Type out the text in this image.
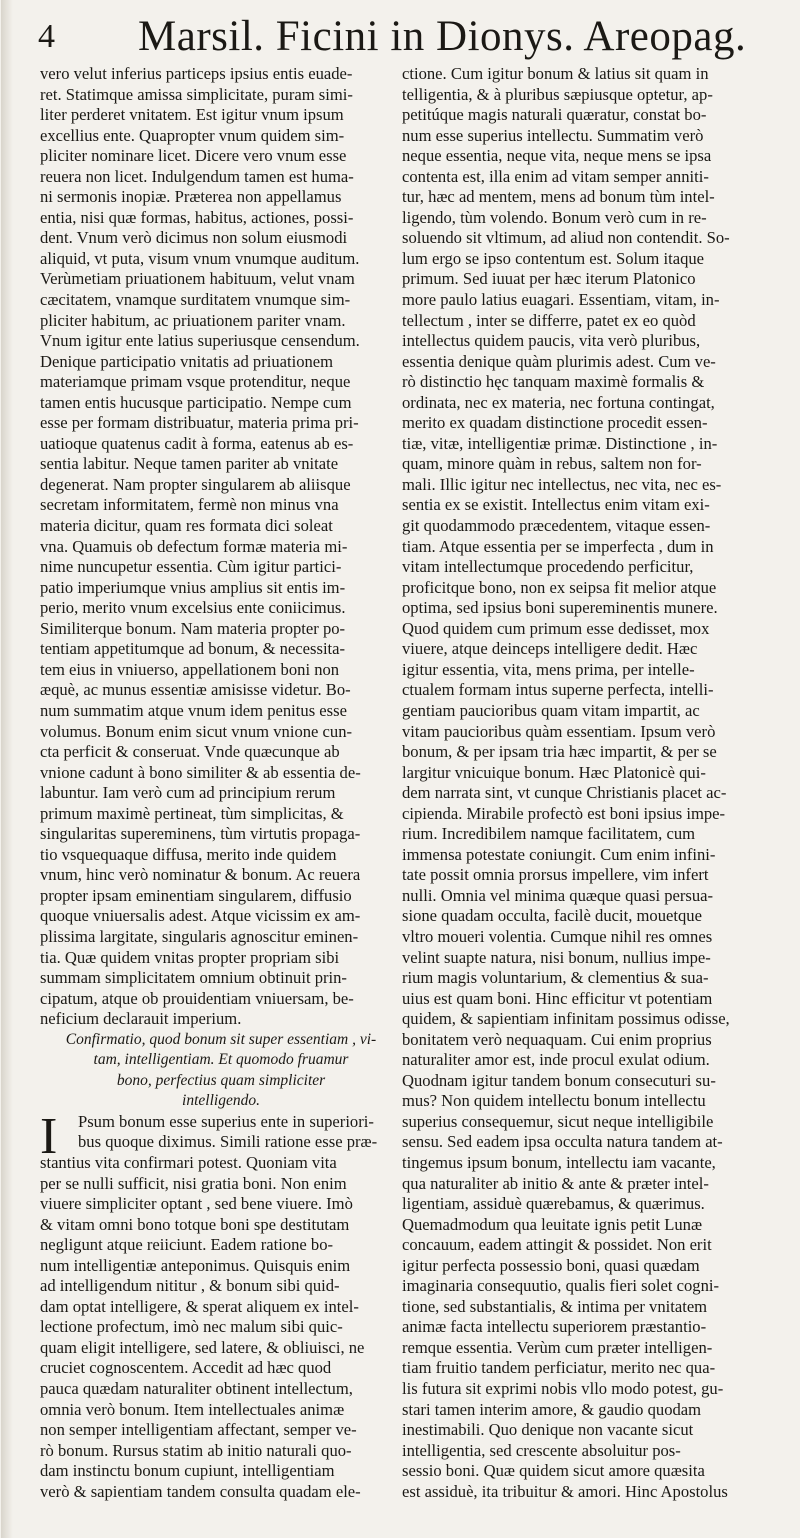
4 Marsil. Ficini in Dionys. Areopag.
vero velut inferius particeps ipsius entis euade-
ret. Statimque amissa simplicitate, puram simi-
liter perderet vnitatem. Est igitur vnum ipsum
excellius ente. Quapropter vnum quidem sim-
pliciter nominare licet. Dicere vero vnum esse
reuera non licet. Indulgendum tamen est huma-
ni sermonis inopiæ. Præterea non appellamus
entia, nisi quæ formas, habitus, actiones, possi-
dent. Vnum verò dicimus non solum eiusmodi
aliquid, vt puta, visum vnum vnumque auditum.
Verùmetiam priuationem habituum, velut vnam
cæcitatem, vnamque surditatem vnumque sim-
pliciter habitum, ac priuationem pariter vnam.
Vnum igitur ente latius superiusque censendum.
Denique participatio vnitatis ad priuationem
materiamque primam vsque protenditur, neque
tamen entis hucusque participatio. Nempe cum
esse per formam distribuatur, materia prima pri-
uatioque quatenus cadit à forma, eatenus ab es-
sentia labitur. Neque tamen pariter ab vnitate
degenerat. Nam propter singularem ab aliisque
secretam informitatem, fermè non minus vna
materia dicitur, quam res formata dici soleat
vna. Quamuis ob defectum formæ materia mi-
nime nuncupetur essentia. Cùm igitur partici-
patio imperiumque vnius amplius sit entis im-
perio, merito vnum excelsius ente coniicimus.
Similiterque bonum. Nam materia propter po-
tentiam appetitumque ad bonum, & necessita-
tem eius in vniuerso, appellationem boni non
æquè, ac munus essentiæ amisisse videtur. Bo-
num summatim atque vnum idem penitus esse
volumus. Bonum enim sicut vnum vnione cun-
cta perficit & conseruat. Vnde quæcunque ab
vnione cadunt à bono similiter & ab essentia de-
labuntur. Iam verò cum ad principium rerum
primum maximè pertineat, tùm simplicitas, &
singularitas supereminens, tùm virtutis propaga-
tio vsquequaque diffusa, merito inde quidem
vnum, hinc verò nominatur & bonum. Ac reuera
propter ipsam eminentiam singularem, diffusio
quoque vniuersalis adest. Atque vicissim ex am-
plissima largitate, singularis agnoscitur eminen-
tia. Quæ quidem vnitas propter propriam sibi
summam simplicitatem omnium obtinuit prin-
cipatum, atque ob prouidentiam vniuersam, be-
neficium declarauit imperium.
Confirmatio, quod bonum sit super essentiam , vi-
tam, intelligentiam. Et quomodo fruamur
bono, perfectius quam simpliciter
intelligendo.
I	Psum bonum esse superius ente in superiori-
bus quoque diximus. Simili ratione esse præ-
stantius vita confirmari potest. Quoniam vita
per se nulli sufficit, nisi gratia boni. Non enim
viuere simpliciter optant , sed bene viuere. Imò
& vitam omni bono totque boni spe destitutam
negligunt atque reiiciunt. Eadem ratione bo-
num intelligentiæ anteponimus. Quisquis enim
ad intelligendum nititur , & bonum sibi quid-
dam optat intelligere, & sperat aliquem ex intel-
lectione profectum, imò nec malum sibi quic-
quam eligit intelligere, sed latere, & obliuisci, ne
cruciet cognoscentem. Accedit ad hæc quod
pauca quædam naturaliter obtinent intellectum,
omnia verò bonum. Item intellectuales animæ
non semper intelligentiam affectant, semper ve-
rò bonum. Rursus statim ab initio naturali quo-
dam instinctu bonum cupiunt, intelligentiam
verò & sapientiam tandem consulta quadam ele-
ctione. Cum igitur bonum & latius sit quam in
telligentia, & à pluribus sæpiusque optetur, ap-
petitúque magis naturali quæratur, constat bo-
num esse superius intellectu. Summatim verò
neque essentia, neque vita, neque mens se ipsa
contenta est, illa enim ad vitam semper anniti-
tur, hæc ad mentem, mens ad bonum tùm intel-
ligendo, tùm volendo. Bonum verò cum in re-
soluendo sit vltimum, ad aliud non contendit. So-
lum ergo se ipso contentum est. Solum itaque
primum. Sed iuuat per hæc iterum Platonico
more paulo latius euagari. Essentiam, vitam, in-
tellectum , inter se differre, patet ex eo quòd
intellectus quidem paucis, vita verò pluribus,
essentia denique quàm plurimis adest. Cum ve-
rò distinctio hęc tanquam maximè formalis &
ordinata, nec ex materia, nec fortuna contingat,
merito ex quadam distinctione procedit essen-
tiæ, vitæ, intelligentiæ primæ. Distinctione , in-
quam, minore quàm in rebus, saltem non for-
mali. Illic igitur nec intellectus, nec vita, nec es-
sentia ex se existit. Intellectus enim vitam exi-
git quodammodo præcedentem, vitaque essen-
tiam. Atque essentia per se imperfecta , dum in
vitam intellectumque procedendo perficitur,
proficitque bono, non ex seipsa fit melior atque
optima, sed ipsius boni supereminentis munere.
Quod quidem cum primum esse dedisset, mox
viuere, atque deinceps intelligere dedit. Hæc
igitur essentia, vita, mens prima, per intelle-
ctualem formam intus superne perfecta, intelli-
gentiam paucioribus quam vitam impartit, ac
vitam paucioribus quàm essentiam. Ipsum verò
bonum, & per ipsam tria hæc impartit, & per se
largitur vnicuique bonum. Hæc Platonicè qui-
dem narrata sint, vt cunque Christianis placet ac-
cipienda. Mirabile profectò est boni ipsius impe-
rium. Incredibilem namque facilitatem, cum
immensa potestate coniungit. Cum enim infini-
tate possit omnia prorsus impellere, vim infert
nulli. Omnia vel minima quæque quasi persua-
sione quadam occulta, facilè ducit, mouetque
vltro moueri volentia. Cumque nihil res omnes
velint suapte natura, nisi bonum, nullius impe-
rium magis voluntarium, & clementius & sua-
uius est quam boni. Hinc efficitur vt potentiam
quidem, & sapientiam infinitam possimus odisse,
bonitatem verò nequaquam. Cui enim proprius
naturaliter amor est, inde procul exulat odium.
Quodnam igitur tandem bonum consecuturi su-
mus? Non quidem intellectu bonum intellectu
superius consequemur, sicut neque intelligibile
sensu. Sed eadem ipsa occulta natura tandem at-
tingemus ipsum bonum, intellectu iam vacante,
qua naturaliter ab initio & ante & præter intel-
ligentiam, assiduè quærebamus, & quærimus.
Quemadmodum qua leuitate ignis petit Lunæ
concauum, eadem attingit & possidet. Non erit
igitur perfecta possessio boni, quasi quædam
imaginaria consequutio, qualis fieri solet cogni-
tione, sed substantialis, & intima per vnitatem
animæ facta intellectu superiorem præstantio-
remque essentia. Verùm cum præter intelligen-
tiam fruitio tandem perficiatur, merito nec qua-
lis futura sit exprimi nobis vllo modo potest, gu-
stari tamen interim amore, & gaudio quodam
inestimabili. Quo denique non vacante sicut
intelligentia, sed crescente absoluitur pos-
sessio boni. Quæ quidem sicut amore quæsita
est assiduè, ita tribuitur & amori. Hinc Apostolus
